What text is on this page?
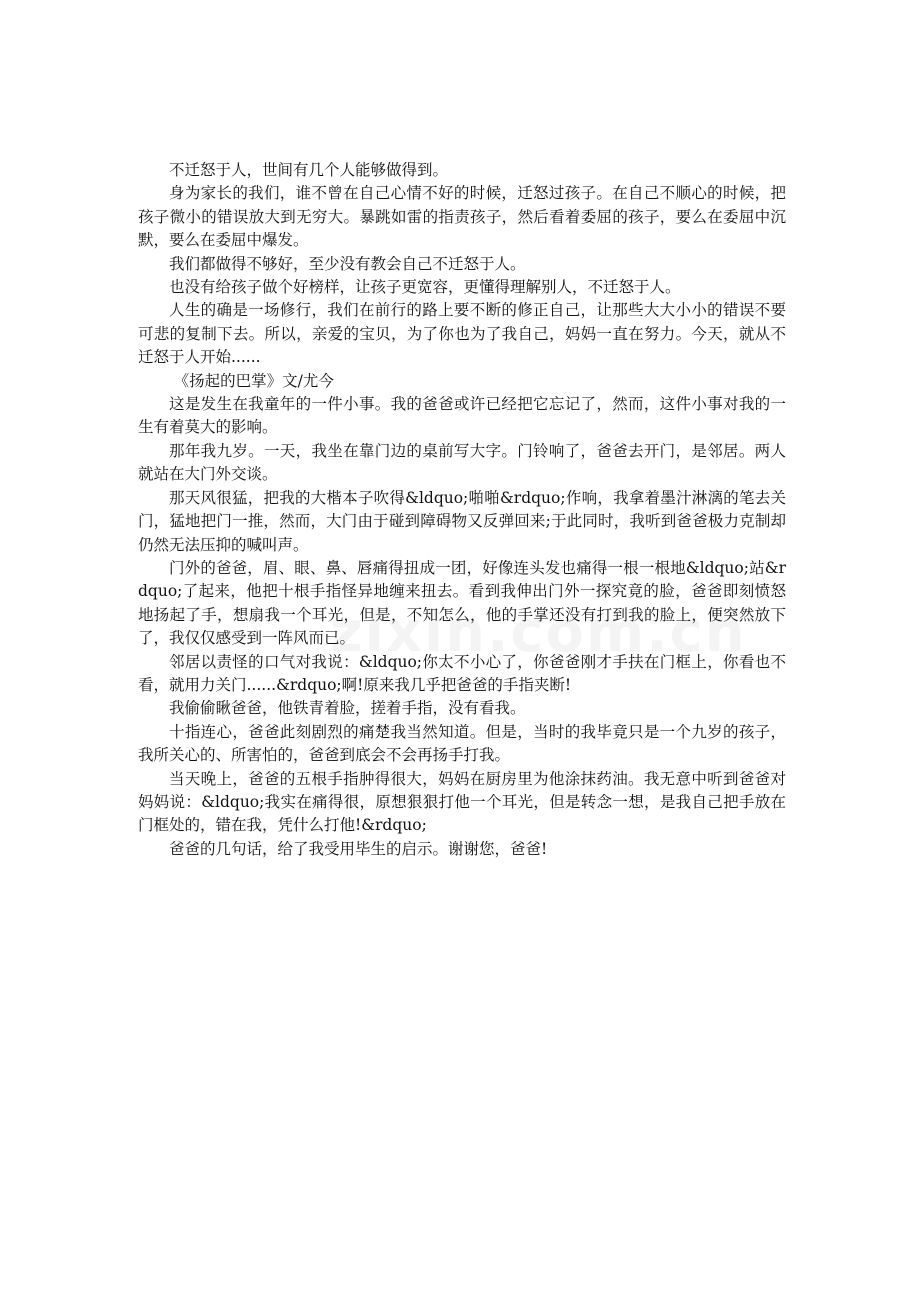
不迁怒于人，世间有几个人能够做得到。

身为家长的我们，谁不曾在自己心情不好的时候，迁怒过孩子。在自己不顺心的时候，把孩子微小的错误放大到无穷大。暴跳如雷的指责孩子，然后看着委屈的孩子，要么在委屈中沉默，要么在委屈中爆发。

我们都做得不够好，至少没有教会自己不迁怒于人。

也没有给孩子做个好榜样，让孩子更宽容，更懂得理解别人，不迁怒于人。

人生的确是一场修行，我们在前行的路上要不断的修正自己，让那些大大小小的错误不要可悲的复制下去。所以，亲爱的宝贝，为了你也为了我自己，妈妈一直在努力。今天，就从不迁怒于人开始......

《扬起的巴掌》文/尤今

这是发生在我童年的一件小事。我的爸爸或许已经把它忘记了，然而，这件小事对我的一生有着莫大的影响。

那年我九岁。一天，我坐在靠门边的桌前写大字。门铃响了，爸爸去开门，是邻居。两人就站在大门外交谈。

那天风很猛，把我的大楷本子吹得&ldquo;啪啪&rdquo;作响，我拿着墨汁淋漓的笔去关门，猛地把门一推，然而，大门由于碰到障碍物又反弹回来;于此同时，我听到爸爸极力克制却仍然无法压抑的喊叫声。

门外的爸爸，眉、眼、鼻、唇痛得扭成一团，好像连头发也痛得一根一根地&ldquo;站&rdquo;了起来，他把十根手指怪异地缠来扭去。看到我伸出门外一探究竟的脸，爸爸即刻愤怒地扬起了手，想扇我一个耳光，但是，不知怎么，他的手掌还没有打到我的脸上，便突然放下了，我仅仅感受到一阵风而已。

邻居以责怪的口气对我说：&ldquo;你太不小心了，你爸爸刚才手扶在门框上，你看也不看，就用力关门......&rdquo;啊!原来我几乎把爸爸的手指夹断!

我偷偷瞅爸爸，他铁青着脸，搓着手指，没有看我。

十指连心，爸爸此刻剧烈的痛楚我当然知道。但是，当时的我毕竟只是一个九岁的孩子，我所关心的、所害怕的，爸爸到底会不会再扬手打我。

当天晚上，爸爸的五根手指肿得很大，妈妈在厨房里为他涂抹药油。我无意中听到爸爸对妈妈说：&ldquo;我实在痛得很，原想狠狠打他一个耳光，但是转念一想，是我自己把手放在门框处的，错在我，凭什么打他!&rdquo;

爸爸的几句话，给了我受用毕生的启示。谢谢您，爸爸!
